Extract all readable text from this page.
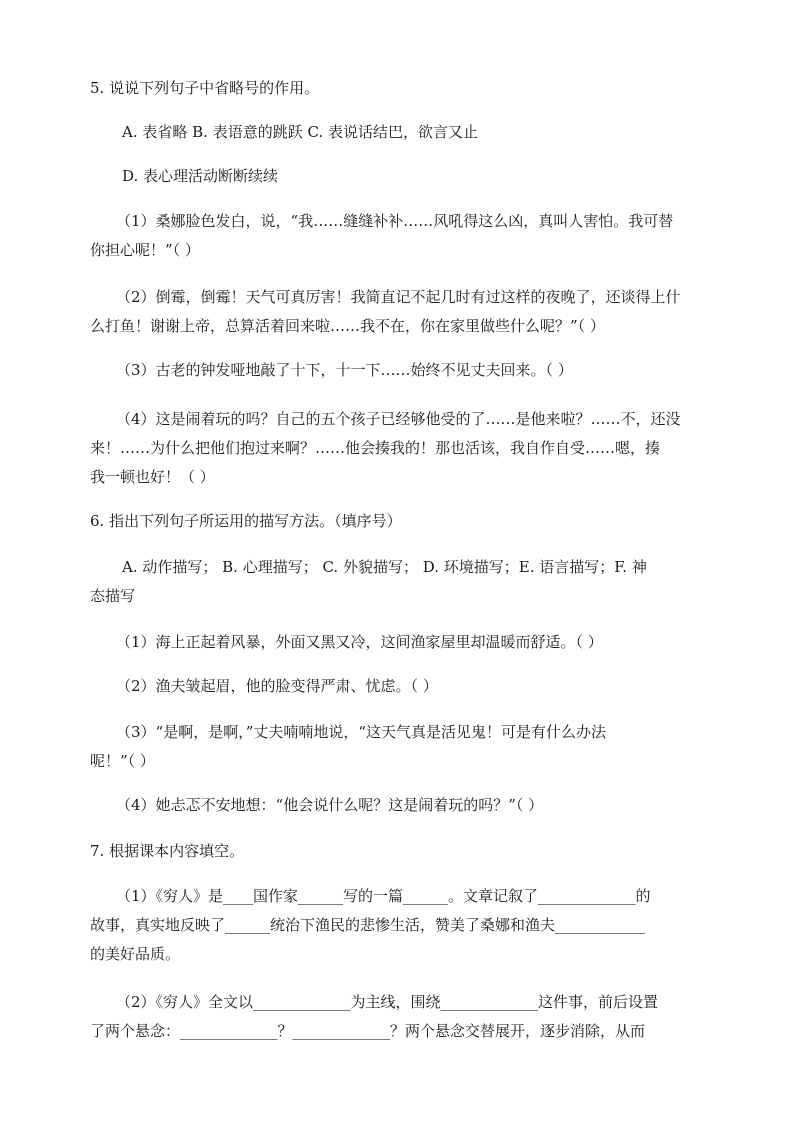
5. 说说下列句子中省略号的作用。
A. 表省略 B. 表语意的跳跃 C. 表说话结巴，欲言又止
D. 表心理活动断断续续
（1）桑娜脸色发白，说，“我……缝缝补补……风吼得这么凶，真叫人害怕。我可替
你担心呢！”（ ）
（2）倒霉，倒霉！天气可真厉害！我简直记不起几时有过这样的夜晚了，还谈得上什
么打鱼！谢谢上帝，总算活着回来啦……我不在，你在家里做些什么呢？”（ ）
（3）古老的钟发哑地敲了十下，十一下……始终不见丈夫回来。（ ）
（4）这是闹着玩的吗？自己的五个孩子已经够他受的了……是他来啦？……不，还没
来！……为什么把他们抱过来啊？……他会揍我的！那也活该，我自作自受……嗯，揍
我一顿也好！（ ）
6. 指出下列句子所运用的描写方法。（填序号）
A. 动作描写； B. 心理描写； C. 外貌描写； D. 环境描写；E. 语言描写；F. 神
态描写
（1）海上正起着风暴，外面又黑又冷，这间渔家屋里却温暖而舒适。（ ）
（2）渔夫皱起眉，他的脸变得严肃、忧虑。（ ）
（3）“是啊，是啊，”丈夫喃喃地说，“这天气真是活见鬼！可是有什么办法
呢！”（ ）
（4）她忐忑不安地想：“他会说什么呢？这是闹着玩的吗？”（ ）
7. 根据课本内容填空。
（1）《穷人》是____国作家______写的一篇______。文章记叙了_____________的
故事，真实地反映了______统治下渔民的悲惨生活，赞美了桑娜和渔夫____________
的美好品质。
（2）《穷人》全文以_____________为主线，围绕_____________这件事，前后设置
了两个悬念：_____________？_____________？两个悬念交替展开，逐步消除，从而
